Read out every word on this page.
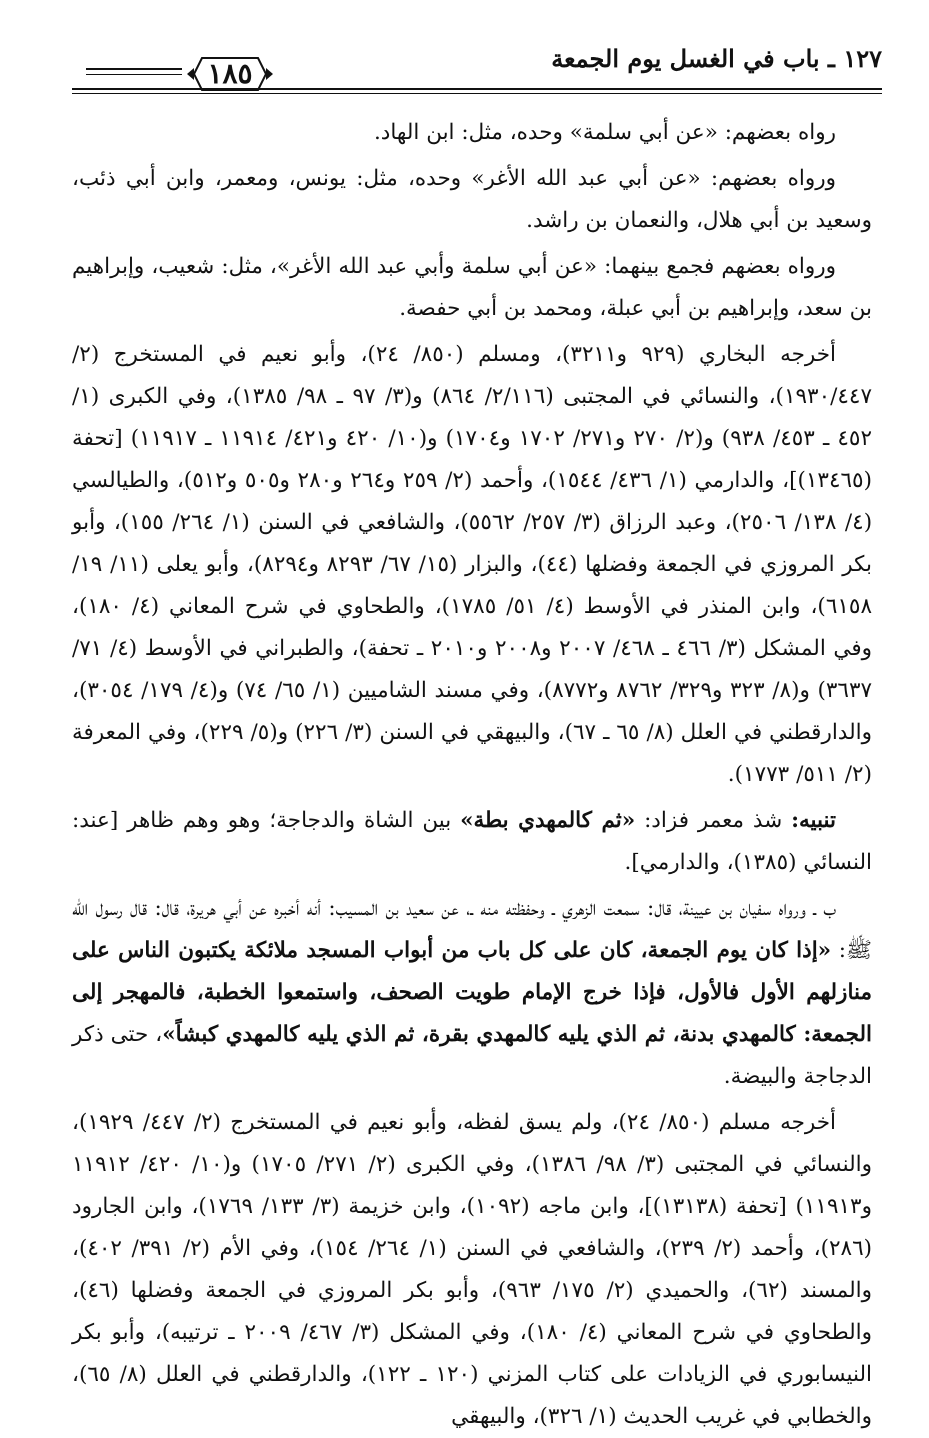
١٢٧ ـ باب في الغسل يوم الجمعة
١٨٥

رواه بعضهم: «عن أبي سلمة» وحده، مثل: ابن الهاد.

ورواه بعضهم: «عن أبي عبد الله الأغر» وحده، مثل: يونس، ومعمر، وابن أبي ذئب، وسعيد بن أبي هلال، والنعمان بن راشد.

ورواه بعضهم فجمع بينهما: «عن أبي سلمة وأبي عبد الله الأغر»، مثل: شعيب، وإبراهيم بن سعد، وإبراهيم بن أبي عبلة، ومحمد بن أبي حفصة.

أخرجه البخاري (٩٢٩ و٣٢١١)، ومسلم (٨٥٠/ ٢٤)، وأبو نعيم في المستخرج (٢/ ١٩٣٠/٤٤٧)، والنسائي في المجتبى (٢/١١٦/ ٨٦٤) و(٣/ ٩٧ ـ ٩٨/ ١٣٨٥)، وفي الكبرى (١/ ٤٥٢ ـ ٤٥٣/ ٩٣٨) و(٢/ ٢٧٠ و٢٧١/ ١٧٠٢ و١٧٠٤) و(١٠/ ٤٢٠ و٤٢١/ ١١٩١٤ ـ ١١٩١٧) [تحفة (١٣٤٦٥)]، والدارمي (١/ ٤٣٦/ ١٥٤٤)، وأحمد (٢/ ٢٥٩ و٢٦٤ و٢٨٠ و٥٠٥ و٥١٢)، والطيالسي (٤/ ١٣٨/ ٢٥٠٦)، وعبد الرزاق (٣/ ٢٥٧/ ٥٥٦٢)، والشافعي في السنن (١/ ٢٦٤/ ١٥٥)، وأبو بكر المروزي في الجمعة وفضلها (٤٤)، والبزار (١٥/ ٦٧/ ٨٢٩٣ و٨٢٩٤)، وأبو يعلى (١١/ ١٩/ ٦١٥٨)، وابن المنذر في الأوسط (٤/ ٥١/ ١٧٨٥)، والطحاوي في شرح المعاني (٤/ ١٨٠)، وفي المشكل (٣/ ٤٦٦ ـ ٤٦٨/ ٢٠٠٧ و٢٠٠٨ و٢٠١٠ ـ تحفة)، والطبراني في الأوسط (٤/ ٧١/ ٣٦٣٧) و(٨/ ٣٢٣ و٣٢٩/ ٨٧٦٢ و٨٧٧٢)، وفي مسند الشاميين (١/ ٦٥/ ٧٤) و(٤/ ١٧٩/ ٣٠٥٤)، والدارقطني في العلل (٨/ ٦٥ ـ ٦٧)، والبيهقي في السنن (٣/ ٢٢٦) و(٥/ ٢٢٩)، وفي المعرفة (٢/ ٥١١/ ١٧٧٣).

تنبيه: شذ معمر فزاد: «ثم كالمهدي بطة» بين الشاة والدجاجة؛ وهو وهم ظاهر [عند: النسائي (١٣٨٥)، والدارمي].

ب ـ ورواه سفيان بن عيينة، قال: سمعت الزهري ـ وحفظته منه ـ، عن سعيد بن المسيب: أنه أخبره عن أبي هريرة، قال: قال رسول الله ﷺ: «إذا كان يوم الجمعة، كان على كل باب من أبواب المسجد ملائكة يكتبون الناس على منازلهم الأول فالأول، فإذا خرج الإمام طويت الصحف، واستمعوا الخطبة، فالمهجر إلى الجمعة: كالمهدي بدنة، ثم الذي يليه كالمهدي بقرة، ثم الذي يليه كالمهدي كبشاً»، حتى ذكر الدجاجة والبيضة.

أخرجه مسلم (٨٥٠/ ٢٤)، ولم يسق لفظه، وأبو نعيم في المستخرج (٢/ ٤٤٧/ ١٩٢٩)، والنسائي في المجتبى (٣/ ٩٨/ ١٣٨٦)، وفي الكبرى (٢/ ٢٧١/ ١٧٠٥) و(١٠/ ٤٢٠/ ١١٩١٢ و١١٩١٣) [تحفة (١٣١٣٨)]، وابن ماجه (١٠٩٢)، وابن خزيمة (٣/ ١٣٣/ ١٧٦٩)، وابن الجارود (٢٨٦)، وأحمد (٢/ ٢٣٩)، والشافعي في السنن (١/ ٢٦٤/ ١٥٤)، وفي الأم (٢/ ٣٩١/ ٤٠٢)، والمسند (٦٢)، والحميدي (٢/ ١٧٥/ ٩٦٣)، وأبو بكر المروزي في الجمعة وفضلها (٤٦)، والطحاوي في شرح المعاني (٤/ ١٨٠)، وفي المشكل (٣/ ٤٦٧/ ٢٠٠٩ ـ ترتيبه)، وأبو بكر النيسابوري في الزيادات على كتاب المزني (١٢٠ ـ ١٢٢)، والدارقطني في العلل (٨/ ٦٥)، والخطابي في غريب الحديث (١/ ٣٢٦)، والبيهقي
